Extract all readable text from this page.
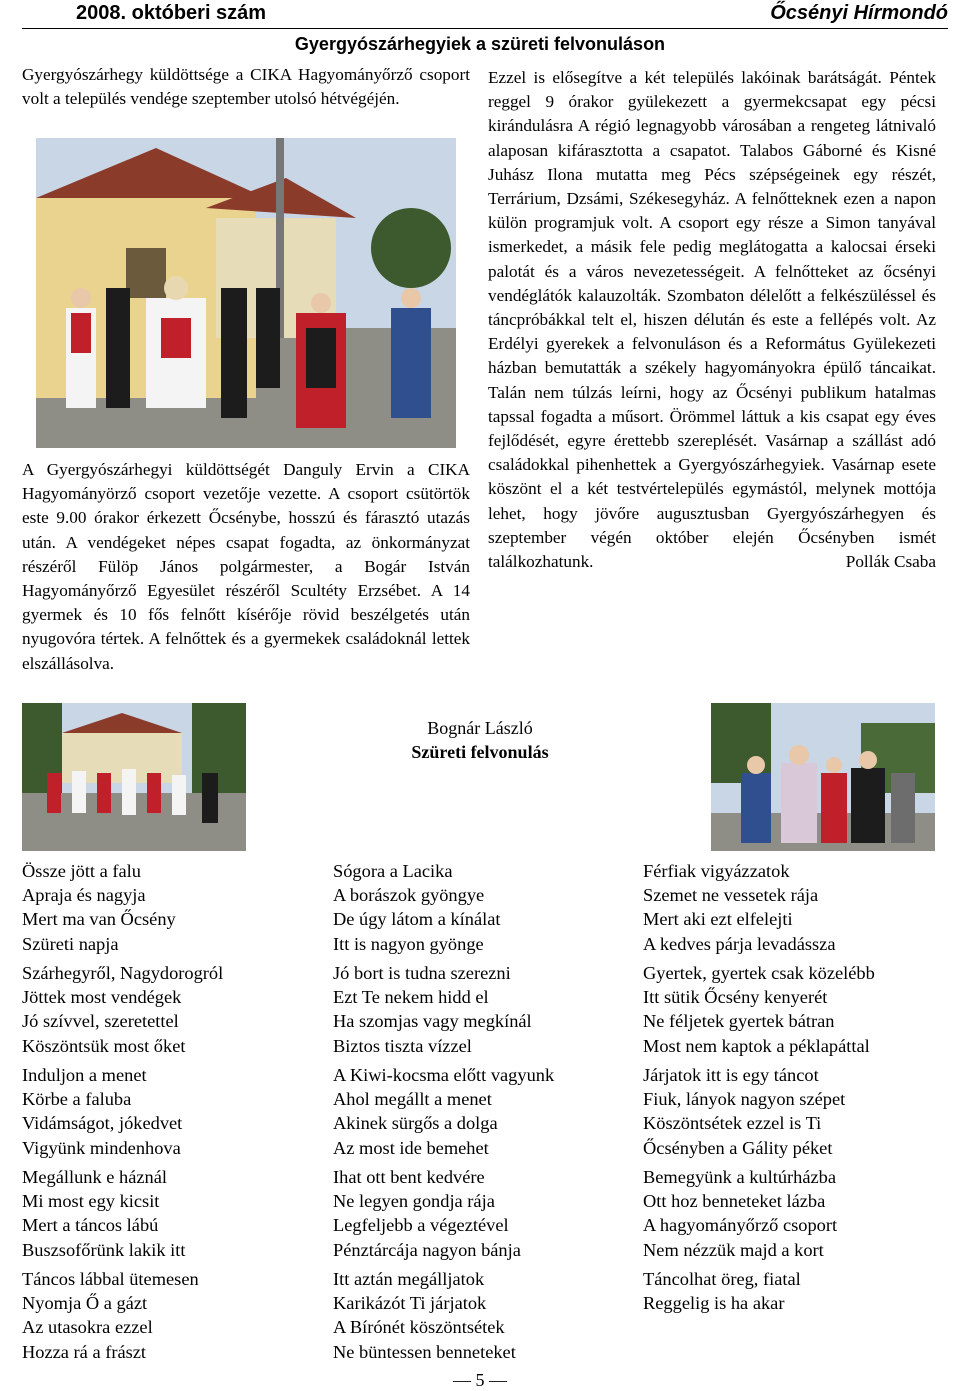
2008. októberi szám	Őcsényi Hírmondó
Gyergyószárhegyiek a szüreti felvonuláson

Gyergyószárhegy küldöttsége a CIKA Hagyományőrző csoport volt a település vendége szeptember utolsó hétvégéjén.

A Gyergyószárhegyi küldöttségét Danguly Ervin a CIKA Hagyományörző csoport vezetője vezette. A csoport csütörtök este 9.00 órakor érkezett Őcsénybe, hosszú és fárasztó utazás után. A vendégeket népes csapat fogadta, az önkormányzat részéről Fülöp János polgármester, a Bogár István Hagyományőrző Egyesület részéről Scultéty Erzsébet. A 14 gyermek és 10 fős felnőtt kísérője rövid beszélgetés után nyugovóra tértek. A felnőttek és a gyermekek családoknál lettek elszállásolva.

Ezzel is elősegítve a két település lakóinak barátságát. Péntek reggel 9 órakor gyülekezett a gyermekcsapat egy pécsi kirándulásra A régió legnagyobb városában a rengeteg látnivaló alaposan kifárasztotta a csapatot. Talabos Gáborné és Kisné Juhász Ilona mutatta meg Pécs szépségeinek egy részét, Terrárium, Dzsámi, Székesegyház. A felnőtteknek ezen a napon külön programjuk volt. A csoport egy része a Simon tanyával ismerkedet, a másik fele pedig meglátogatta a kalocsai érseki palotát és a város nevezetességeit. A felnőtteket az őcsényi vendéglátók kalauzolták. Szombaton délelőtt a felkészüléssel és táncpróbákkal telt el, hiszen délután és este a fellépés volt. Az Erdélyi gyerekek a felvonuláson és a Református Gyülekezeti házban bemutatták a székely hagyományokra épülő táncaikat. Talán nem túlzás leírni, hogy az Őcsényi publikum hatalmas tapssal fogadta a műsort. Örömmel láttuk a kis csapat egy éves fejlődését, egyre érettebb szereplését. Vasárnap a szállást adó családokkal pihenhettek a Gyergyószárhegyiek. Vasárnap esete köszönt el a két testvértelepülés egymástól, melynek mottója lehet, hogy jövőre augusztusban Gyergyószárhegyen és szeptember végén október elején Őcsényben ismét találkozhatunk.	Pollák Csaba

Bognár László
Szüreti felvonulás
Össze jött a falu
Apraja és nagyja
Mert ma van Őcsény
Szüreti napja
Szárhegyről, Nagydorogról
Jöttek most vendégek
Jó szívvel, szeretettel
Köszöntsük most őket
Induljon a menet
Körbe a faluba
Vidámságot, jókedvet
Vigyünk mindenhova
Megállunk e háznál
Mi most egy kicsit
Mert a táncos lábú
Buszsofőrünk lakik itt
Táncos lábbal ütemesen
Nyomja Ő a gázt
Az utasokra ezzel
Hozza rá a frászt
Sógora a Lacika
A borászok gyöngye
De úgy látom a kínálat
Itt is nagyon gyönge
Jó bort is tudna szerezni
Ezt Te nekem hidd el
Ha szomjas vagy megkínál
Biztos tiszta vízzel
A Kiwi-kocsma előtt vagyunk
Ahol megállt a menet
Akinek sürgős a dolga
Az most ide bemehet
Ihat ott bent kedvére
Ne legyen gondja rája
Legfeljebb a végeztével
Pénztárcája nagyon bánja
Itt aztán megálljatok
Karikázót Ti járjatok
A Bírónét köszöntsétek
Ne büntessen benneteket
Férfiak vigyázzatok
Szemet ne vessetek rája
Mert aki ezt elfelejti
A kedves párja levadássza
Gyertek, gyertek csak közelébb
Itt sütik Őcsény kenyerét
Ne féljetek gyertek bátran
Most nem kaptok a péklapáttal
Járjatok itt is egy táncot
Fiuk, lányok nagyon szépet
Köszöntsétek ezzel is Ti
Őcsényben a Gálity péket
Bemegyünk a kultúrházba
Ott hoz benneteket lázba
A hagyományőrző csoport
Nem nézzük majd a kort
Táncolhat öreg, fiatal
Reggelig is ha akar
— 5 —
